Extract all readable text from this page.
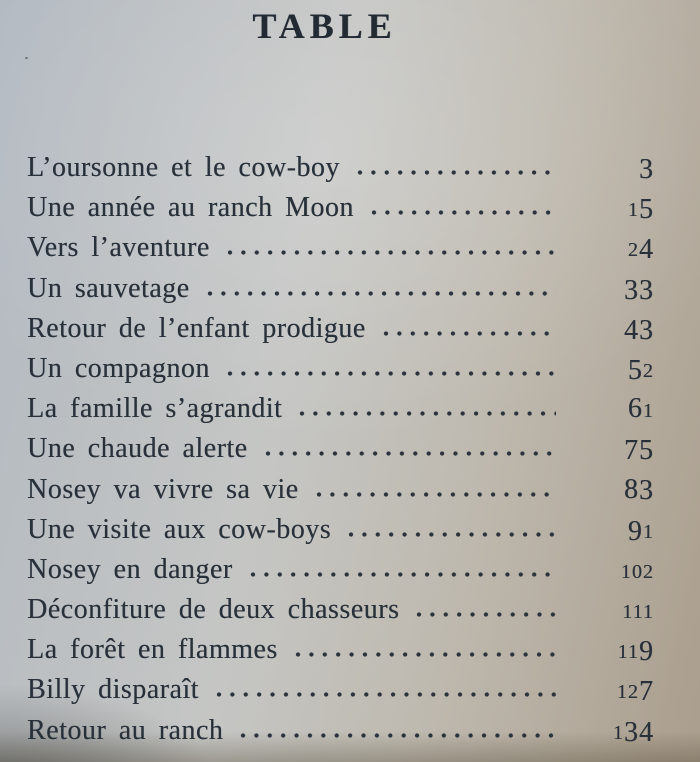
TABLE
L’oursonne et le cow-boy	3
Une année au ranch Moon	15
Vers l’aventure	24
Un sauvetage	33
Retour de l’enfant prodigue	43
Un compagnon	52
La famille s’agrandit	61
Une chaude alerte	75
Nosey va vivre sa vie	83
Une visite aux cow-boys	91
Nosey en danger	102
Déconfiture de deux chasseurs	111
La forêt en flammes	119
Billy disparaît	127
Retour au ranch	134
